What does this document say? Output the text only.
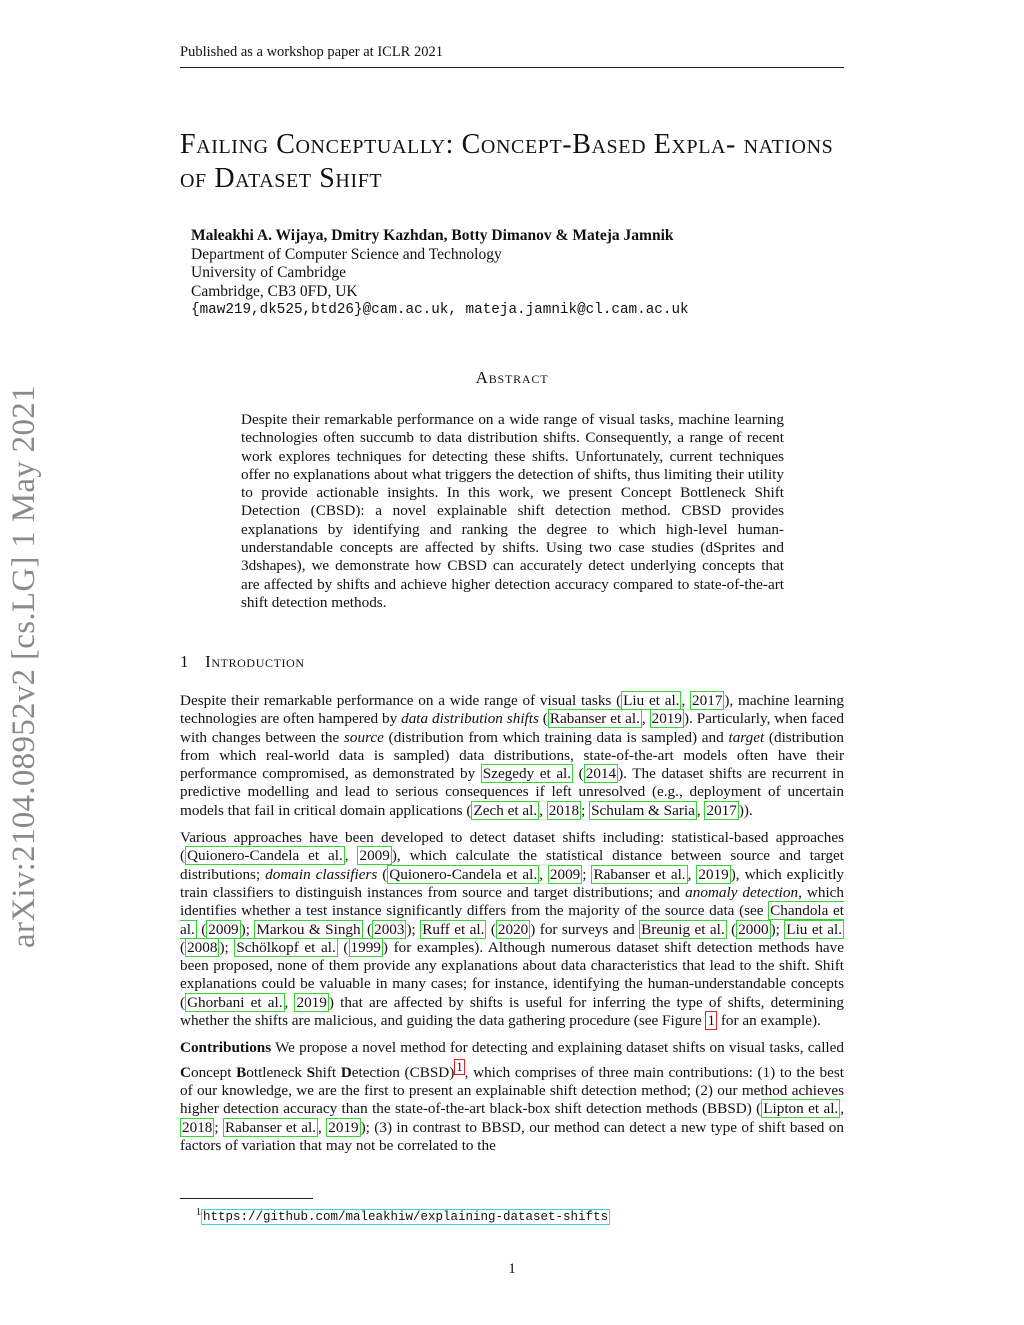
Published as a workshop paper at ICLR 2021
arXiv:2104.08952v2 [cs.LG] 1 May 2021
Failing Conceptually: Concept-Based Expla- nations of Dataset Shift
Maleakhi A. Wijaya, Dmitry Kazhdan, Botty Dimanov & Mateja Jamnik
Department of Computer Science and Technology
University of Cambridge
Cambridge, CB3 0FD, UK
{maw219,dk525,btd26}@cam.ac.uk, mateja.jamnik@cl.cam.ac.uk
Abstract
Despite their remarkable performance on a wide range of visual tasks, machine learning technologies often succumb to data distribution shifts. Consequently, a range of recent work explores techniques for detecting these shifts. Unfortunately, current techniques offer no explanations about what triggers the detection of shifts, thus limiting their utility to provide actionable insights. In this work, we present Concept Bottleneck Shift Detection (CBSD): a novel explainable shift detection method. CBSD provides explanations by identifying and ranking the degree to which high-level human-understandable concepts are affected by shifts. Using two case studies (dSprites and 3dshapes), we demonstrate how CBSD can accurately detect underlying concepts that are affected by shifts and achieve higher detection accuracy compared to state-of-the-art shift detection methods.
1 Introduction

Despite their remarkable performance on a wide range of visual tasks ( Liu et al. , 2017 ), machine learning technologies are often hampered by data distribution shifts ( Rabanser et al. , 2019 ). Particularly, when faced with changes between the source (distribution from which training data is sampled) and target (distribution from which real-world data is sampled) data distributions, state-of-the-art models often have their performance compromised, as demonstrated by Szegedy et al. ( 2014 ). The dataset shifts are recurrent in predictive modelling and lead to serious consequences if left unresolved (e.g., deployment of uncertain models that fail in critical domain applications ( Zech et al. , 2018 ; Schulam & Saria , 2017 )).

Various approaches have been developed to detect dataset shifts including: statistical-based approaches ( Quionero-Candela et al. , 2009 ), which calculate the statistical distance between source and target distributions; domain classifiers ( Quionero-Candela et al. , 2009 ; Rabanser et al. , 2019 ), which explicitly train classifiers to distinguish instances from source and target distributions; and anomaly detection, which identifies whether a test instance significantly differs from the majority of the source data (see Chandola et al. ( 2009 ); Markou & Singh ( 2003 ); Ruff et al. ( 2020 ) for surveys and Breunig et al. ( 2000 ); Liu et al. ( 2008 ); Schölkopf et al. ( 1999 ) for examples). Although numerous dataset shift detection methods have been proposed, none of them provide any explanations about data characteristics that lead to the shift. Shift explanations could be valuable in many cases; for instance, identifying the human-understandable concepts ( Ghorbani et al. , 2019 ) that are affected by shifts is useful for inferring the type of shifts, determining whether the shifts are malicious, and guiding the data gathering procedure (see Figure 1 for an example).

Contributions We propose a novel method for detecting and explaining dataset shifts on visual tasks, called Concept Bottleneck Shift Detection (CBSD) $^1$ , which comprises of three main contributions: (1) to the best of our knowledge, we are the first to present an explainable shift detection method; (2) our method achieves higher detection accuracy than the state-of-the-art black-box shift detection methods (BBSD) ( Lipton et al. , 2018 ; Rabanser et al. , 2019 ); (3) in contrast to BBSD, our method can detect a new type of shift based on factors of variation that may not be correlated to the

$^1$ https://github.com/maleakhiw/explaining-dataset-shifts
1
